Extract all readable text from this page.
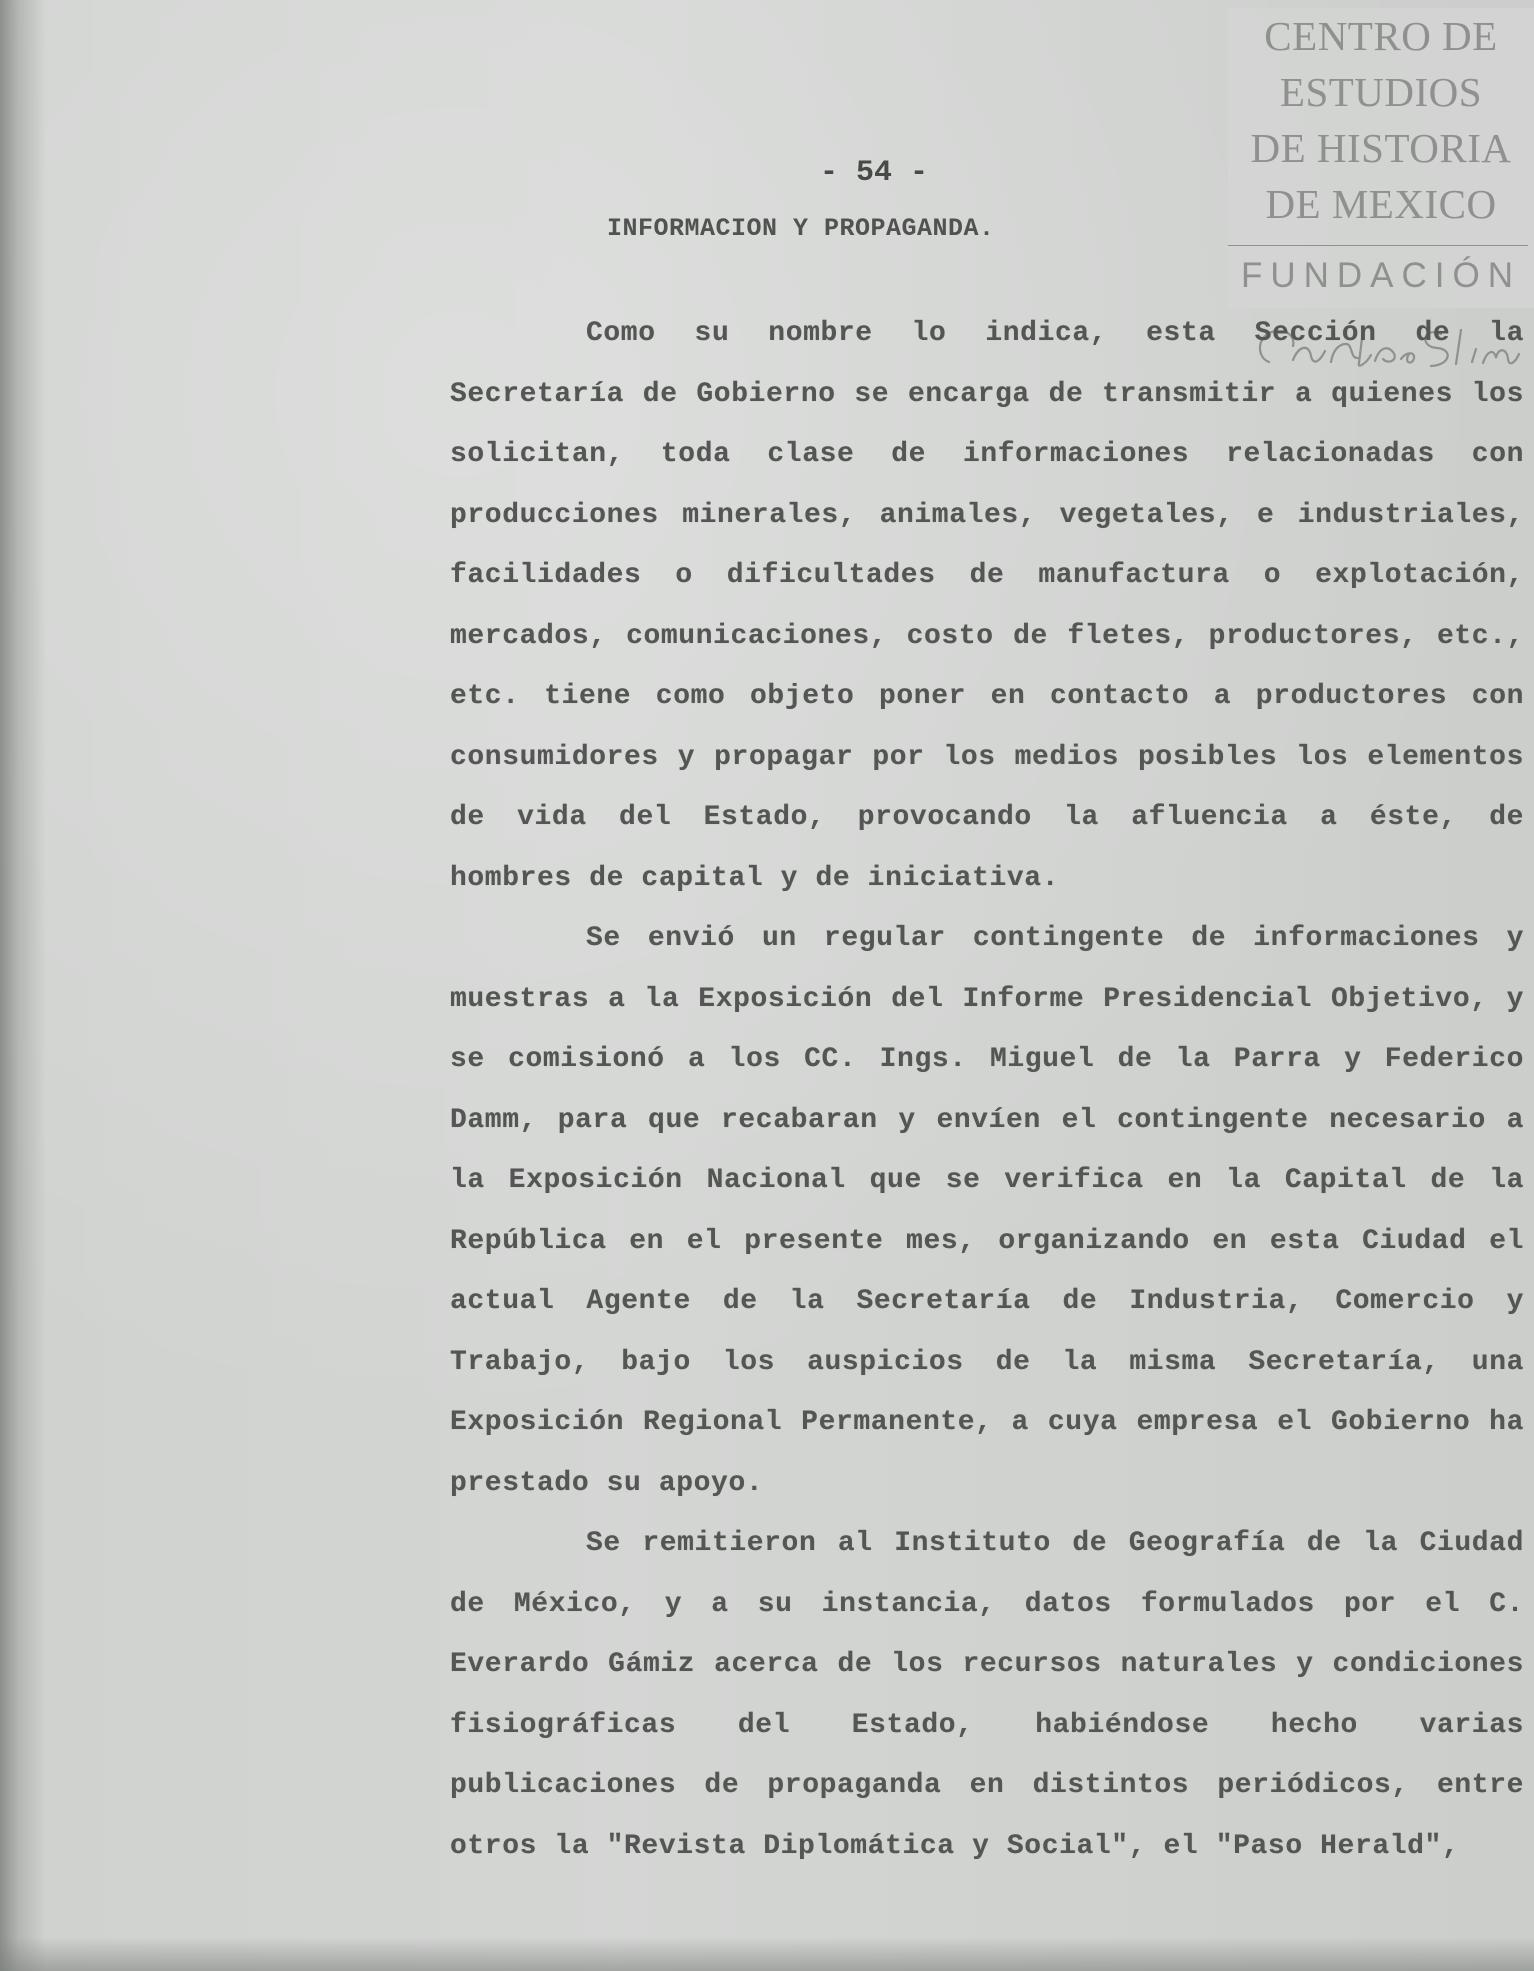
CENTRO DE
ESTUDIOS
DE HISTORIA
DE MEXICO
FUNDACIÓN
- 54 -
INFORMACION Y PROPAGANDA.

Como su nombre lo indica, esta Sección de la Secretaría de Gobierno se encarga de transmitir a quienes los solicitan, toda clase de informaciones relacionadas con producciones minerales, animales, vegetales, e industriales, facilidades o dificultades de manufactura o explotación, mercados, comunicaciones, costo de fletes, productores, etc., etc. tiene como objeto poner en contacto a productores con consumidores y propagar por los medios posibles los elementos de vida del Estado, provocando la afluencia a éste, de hombres de capital y de iniciativa.

Se envió un regular contingente de informaciones y muestras a la Exposición del Informe Presidencial Objetivo, y se comisionó a los CC. Ings. Miguel de la Parra y Federico Damm, para que recabaran y envíen el contingente necesario a la Exposición Nacional que se verifica en la Capital de la República en el presente mes, organizando en esta Ciudad el actual Agente de la Secretaría de Industria, Comercio y Trabajo, bajo los auspicios de la misma Secretaría, una Exposición Regional Permanente, a cuya empresa el Gobierno ha prestado su apoyo.

Se remitieron al Instituto de Geografía de la Ciudad de México, y a su instancia, datos formulados por el C. Everardo Gámiz acerca de los recursos naturales y condiciones fisiográficas del Estado, habiéndose hecho varias publicaciones de propaganda en distintos periódicos, entre otros la "Revista Diplomática y Social", el "Paso Herald",
